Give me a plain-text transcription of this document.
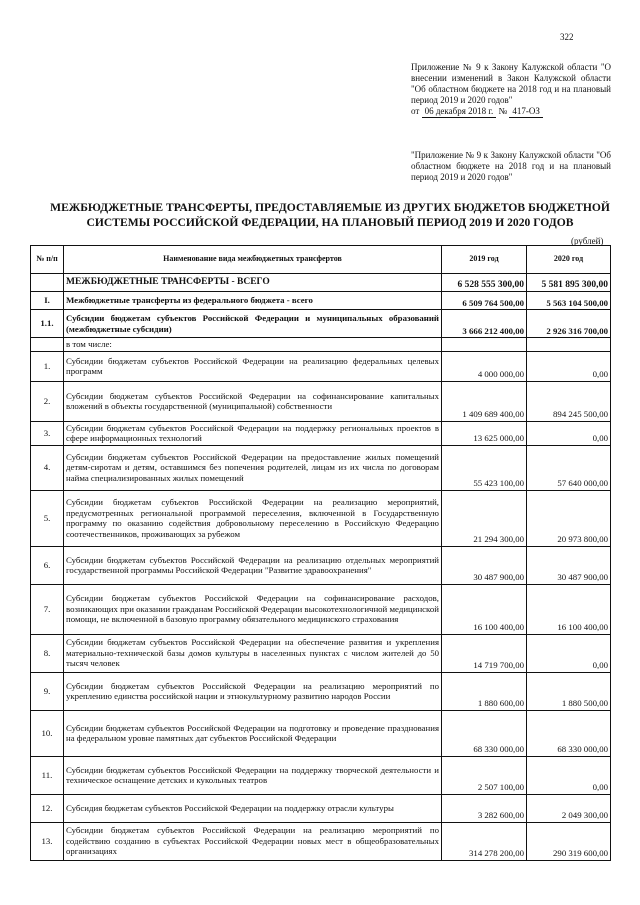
322
Приложение № 9 к Закону Калужской области "О внесении изменений в Закон Калужской области "Об областном бюджете на 2018 год и на плановый период 2019 и 2020 годов"
от 06 декабря 2018 г. № 417-ОЗ
"Приложение № 9 к Закону Калужской области "Об областном бюджете на 2018 год и на плановый период 2019 и 2020 годов"
МЕЖБЮДЖЕТНЫЕ ТРАНСФЕРТЫ, ПРЕДОСТАВЛЯЕМЫЕ ИЗ ДРУГИХ БЮДЖЕТОВ БЮДЖЕТНОЙ
СИСТЕМЫ РОССИЙСКОЙ ФЕДЕРАЦИИ, НА ПЛАНОВЫЙ ПЕРИОД 2019 И 2020 ГОДОВ
(рублей)
№ п/п	Наименование вида межбюджетных трансфертов	2019 год	2020 год
	МЕЖБЮДЖЕТНЫЕ ТРАНСФЕРТЫ - ВСЕГО	6 528 555 300,00	5 581 895 300,00
I.	Межбюджетные трансферты из федерального бюджета - всего	6 509 764 500,00	5 563 104 500,00
1.1.	Субсидии бюджетам субъектов Российской Федерации и муниципальных образований (межбюджетные субсидии)	3 666 212 400,00	2 926 316 700,00
	в том числе:		
1.	Субсидии бюджетам субъектов Российской Федерации на реализацию федеральных целевых программ	4 000 000,00	0,00
2.	Субсидии бюджетам субъектов Российской Федерации на софинансирование капитальных вложений в объекты государственной (муниципальной) собственности	1 409 689 400,00	894 245 500,00
3.	Субсидии бюджетам субъектов Российской Федерации на поддержку региональных проектов в сфере информационных технологий	13 625 000,00	0,00
4.	Субсидии бюджетам субъектов Российской Федерации на предоставление жилых помещений детям-сиротам и детям, оставшимся без попечения родителей, лицам из их числа по договорам найма специализированных жилых помещений	55 423 100,00	57 640 000,00
5.	Субсидии бюджетам субъектов Российской Федерации на реализацию мероприятий, предусмотренных региональной программой переселения, включенной в Государственную программу по оказанию содействия добровольному переселению в Российскую Федерацию соотечественников, проживающих за рубежом	21 294 300,00	20 973 800,00
6.	Субсидии бюджетам субъектов Российской Федерации на реализацию отдельных мероприятий государственной программы Российской Федерации "Развитие здравоохранения"	30 487 900,00	30 487 900,00
7.	Субсидии бюджетам субъектов Российской Федерации на софинансирование расходов, возникающих при оказании гражданам Российской Федерации высокотехнологичной медицинской помощи, не включенной в базовую программу обязательного медицинского страхования	16 100 400,00	16 100 400,00
8.	Субсидии бюджетам субъектов Российской Федерации на обеспечение развития и укрепления материально-технической базы домов культуры в населенных пунктах с числом жителей до 50 тысяч человек	14 719 700,00	0,00
9.	Субсидии бюджетам субъектов Российской Федерации на реализацию мероприятий по укреплению единства российской нации и этнокультурному развитию народов России	1 880 600,00	1 880 500,00
10.	Субсидии бюджетам субъектов Российской Федерации на подготовку и проведение празднования на федеральном уровне памятных дат субъектов Российской Федерации	68 330 000,00	68 330 000,00
11.	Субсидии бюджетам субъектов Российской Федерации на поддержку творческой деятельности и техническое оснащение детских и кукольных театров	2 507 100,00	0,00
12.	Субсидия бюджетам субъектов Российской Федерации на поддержку отрасли культуры	3 282 600,00	2 049 300,00
13.	Субсидии бюджетам субъектов Российской Федерации на реализацию мероприятий по содействию созданию в субъектах Российской Федерации новых мест в общеобразовательных организациях	314 278 200,00	290 319 600,00
